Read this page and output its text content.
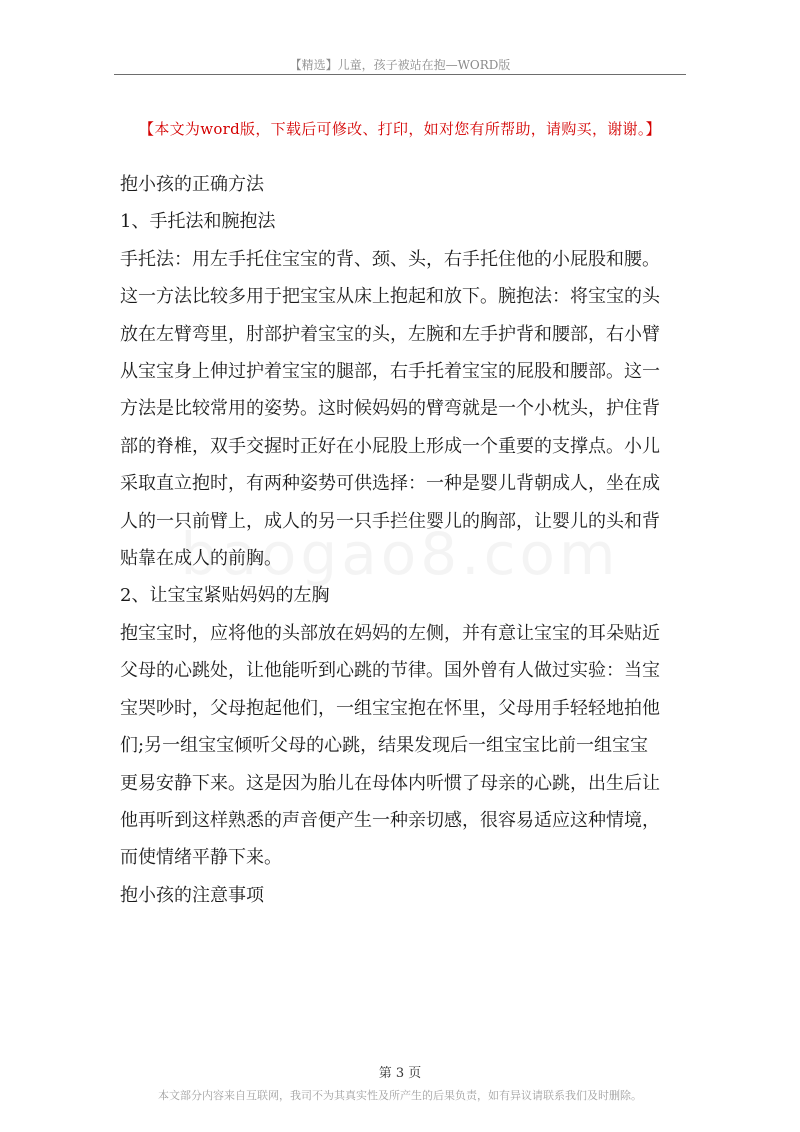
【精选】儿童，孩子被站在抱—WORD版
【本文为word版，下载后可修改、打印，如对您有所帮助，请购买，谢谢。】

抱小孩的正确方法

1、手托法和腕抱法

手托法：用左手托住宝宝的背、颈、头，右手托住他的小屁股和腰。

这一方法比较多用于把宝宝从床上抱起和放下。腕抱法：将宝宝的头

放在左臂弯里，肘部护着宝宝的头，左腕和左手护背和腰部，右小臂

从宝宝身上伸过护着宝宝的腿部，右手托着宝宝的屁股和腰部。这一

方法是比较常用的姿势。这时候妈妈的臂弯就是一个小枕头，护住背

部的脊椎，双手交握时正好在小屁股上形成一个重要的支撑点。小儿

采取直立抱时，有两种姿势可供选择：一种是婴儿背朝成人，坐在成

人的一只前臂上，成人的另一只手拦住婴儿的胸部，让婴儿的头和背

贴靠在成人的前胸。

2、让宝宝紧贴妈妈的左胸

抱宝宝时，应将他的头部放在妈妈的左侧，并有意让宝宝的耳朵贴近

父母的心跳处，让他能听到心跳的节律。国外曾有人做过实验：当宝

宝哭吵时，父母抱起他们，一组宝宝抱在怀里，父母用手轻轻地拍他

们;另一组宝宝倾听父母的心跳，结果发现后一组宝宝比前一组宝宝

更易安静下来。这是因为胎儿在母体内听惯了母亲的心跳，出生后让

他再听到这样熟悉的声音便产生一种亲切感，很容易适应这种情境，

而使情绪平静下来。

抱小孩的注意事项

第 3 页
本文部分内容来自互联网，我司不为其真实性及所产生的后果负责，如有异议请联系我们及时删除。
